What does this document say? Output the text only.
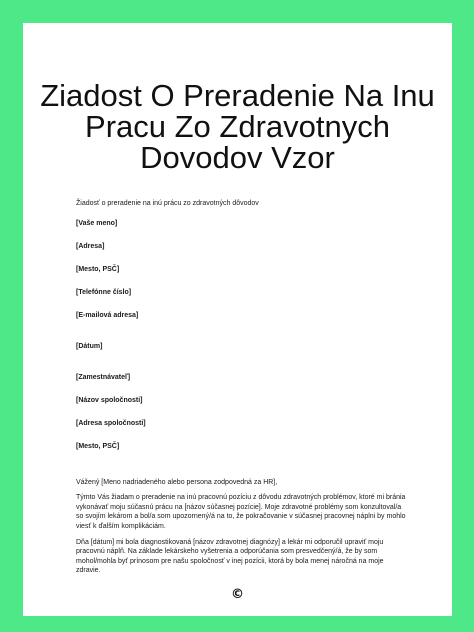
Ziadost O Preradenie Na Inu
Pracu Zo Zdravotnych
Dovodov Vzor

Žiadosť o preradenie na inú prácu zo zdravotných dôvodov

[Vaše meno]

[Adresa]

[Mesto, PSČ]

[Telefónne číslo]

[E-mailová adresa]

[Dátum]

[Zamestnávateľ]

[Názov spoločnosti]

[Adresa spoločnosti]

[Mesto, PSČ]

Vážený [Meno nadriadeného alebo persona zodpovedná za HR],

Týmto Vás žiadam o preradenie na inú pracovnú pozíciu z dôvodu zdravotných problémov, ktoré mi bránia vykonávať moju súčasnú prácu na [názov súčasnej pozície]. Moje zdravotné problémy som konzultoval/a so svojím lekárom a bol/a som upozornený/á na to, že pokračovanie v súčasnej pracovnej náplni by mohlo viesť k ďalším komplikáciám.

Dňa [dátum] mi bola diagnostikovaná [názov zdravotnej diagnózy] a lekár mi odporučil upraviť moju pracovnú náplň. Na základe lekárskeho vyšetrenia a odporúčania som presvedčený/á, že by som mohol/mohla byť prínosom pre našu spoločnosť v inej pozícii, ktorá by bola menej náročná na moje zdravie.

©
